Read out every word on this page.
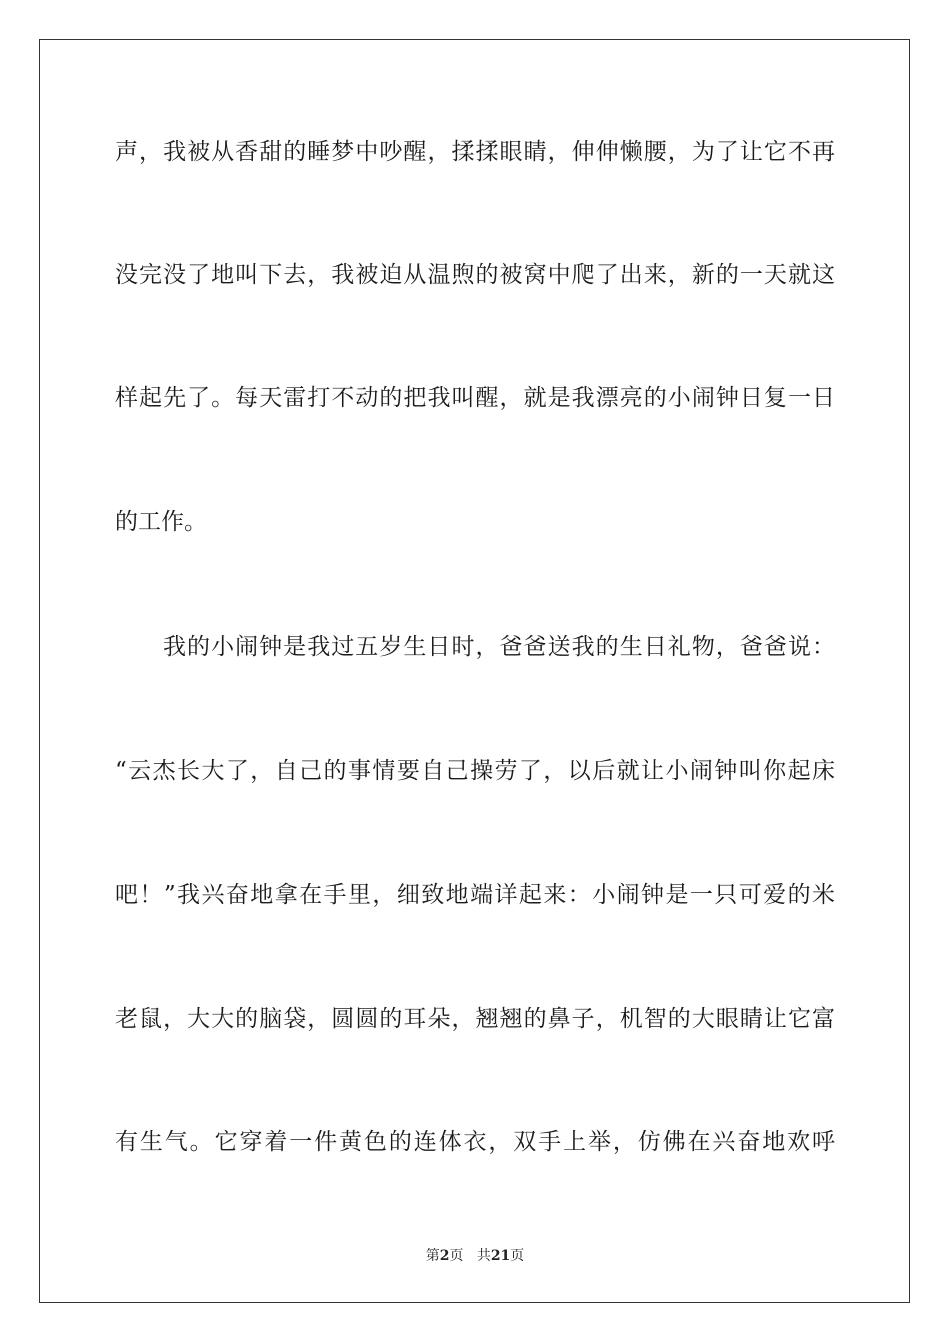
声，我被从香甜的睡梦中吵醒，揉揉眼睛，伸伸懒腰，为了让它不再
没完没了地叫下去，我被迫从温煦的被窝中爬了出来，新的一天就这
样起先了。每天雷打不动的把我叫醒，就是我漂亮的小闹钟日复一日
的工作。
我的小闹钟是我过五岁生日时，爸爸送我的生日礼物，爸爸说：
“云杰长大了，自己的事情要自己操劳了，以后就让小闹钟叫你起床
吧！”我兴奋地拿在手里，细致地端详起来：小闹钟是一只可爱的米
老鼠，大大的脑袋，圆圆的耳朵，翘翘的鼻子，机智的大眼睛让它富
有生气。它穿着一件黄色的连体衣，双手上举，仿佛在兴奋地欢呼
第2页 共21页
